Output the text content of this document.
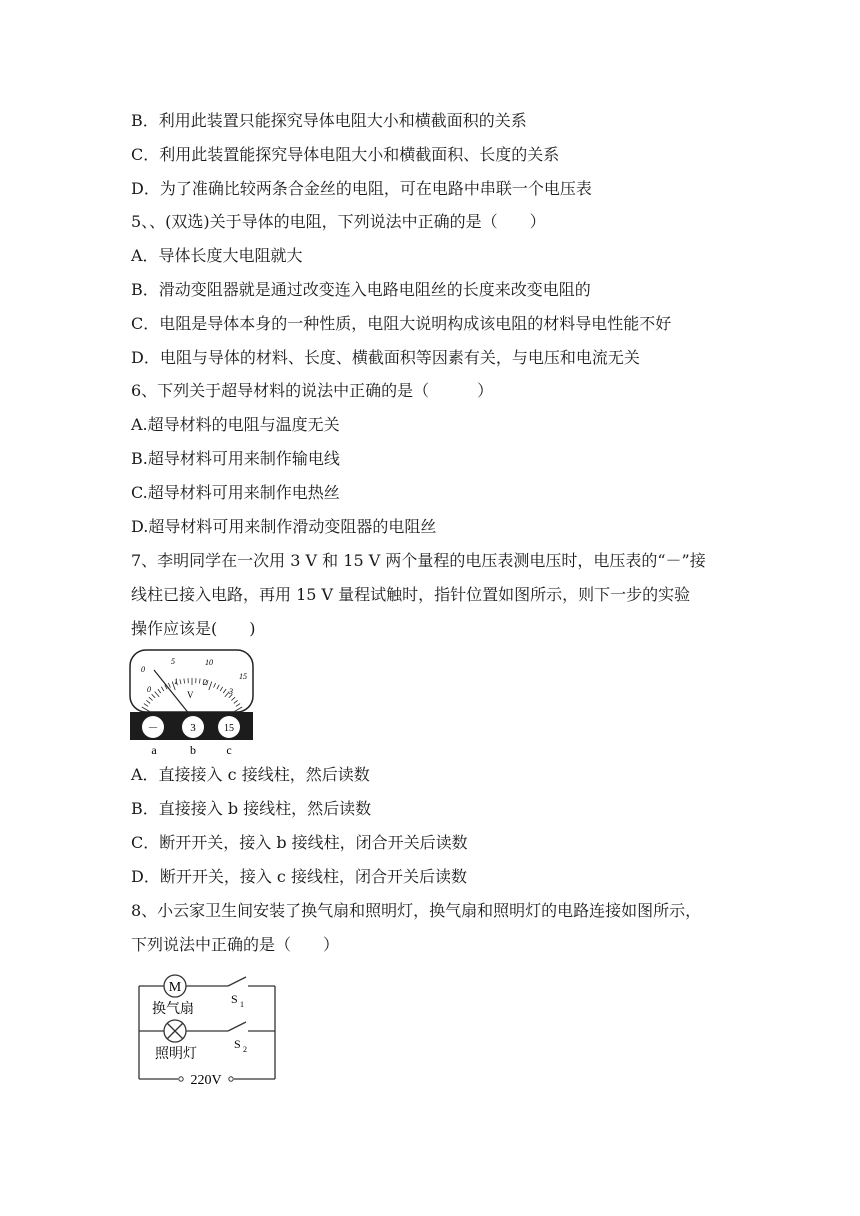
B．利用此装置只能探究导体电阻大小和横截面积的关系
C．利用此装置能探究导体电阻大小和横截面积、长度的关系
D．为了准确比较两条合金丝的电阻，可在电路中串联一个电压表
5、、(双选)关于导体的电阻，下列说法中正确的是（　　）
A．导体长度大电阻就大
B．滑动变阻器就是通过改变连入电路电阻丝的长度来改变电阻的
C．电阻是导体本身的一种性质，电阻大说明构成该电阻的材料导电性能不好
D．电阻与导体的材料、长度、横截面积等因素有关，与电压和电流无关
6、下列关于超导材料的说法中正确的是（　　　）
A.超导材料的电阻与温度无关
B.超导材料可用来制作输电线
C.超导材料可用来制作电热丝
D.超导材料可用来制作滑动变阻器的电阻丝
7、李明同学在一次用 3 V 和 15 V 两个量程的电压表测电压时，电压表的“－”接
线柱已接入电路，再用 15 V 量程试触时，指针位置如图所示，则下一步的实验
操作应该是(　　)
0
5	10
15
0
1	2
3
V
－	3	15
a	b	c
A．直接接入 c 接线柱，然后读数
B．直接接入 b 接线柱，然后读数
C．断开开关，接入 b 接线柱，闭合开关后读数
D．断开开关，接入 c 接线柱，闭合开关后读数
8、小云家卫生间安装了换气扇和照明灯，换气扇和照明灯的电路连接如图所示，
下列说法中正确的是（　　）
M
换气扇
照明灯
S 1
S 2
220V
